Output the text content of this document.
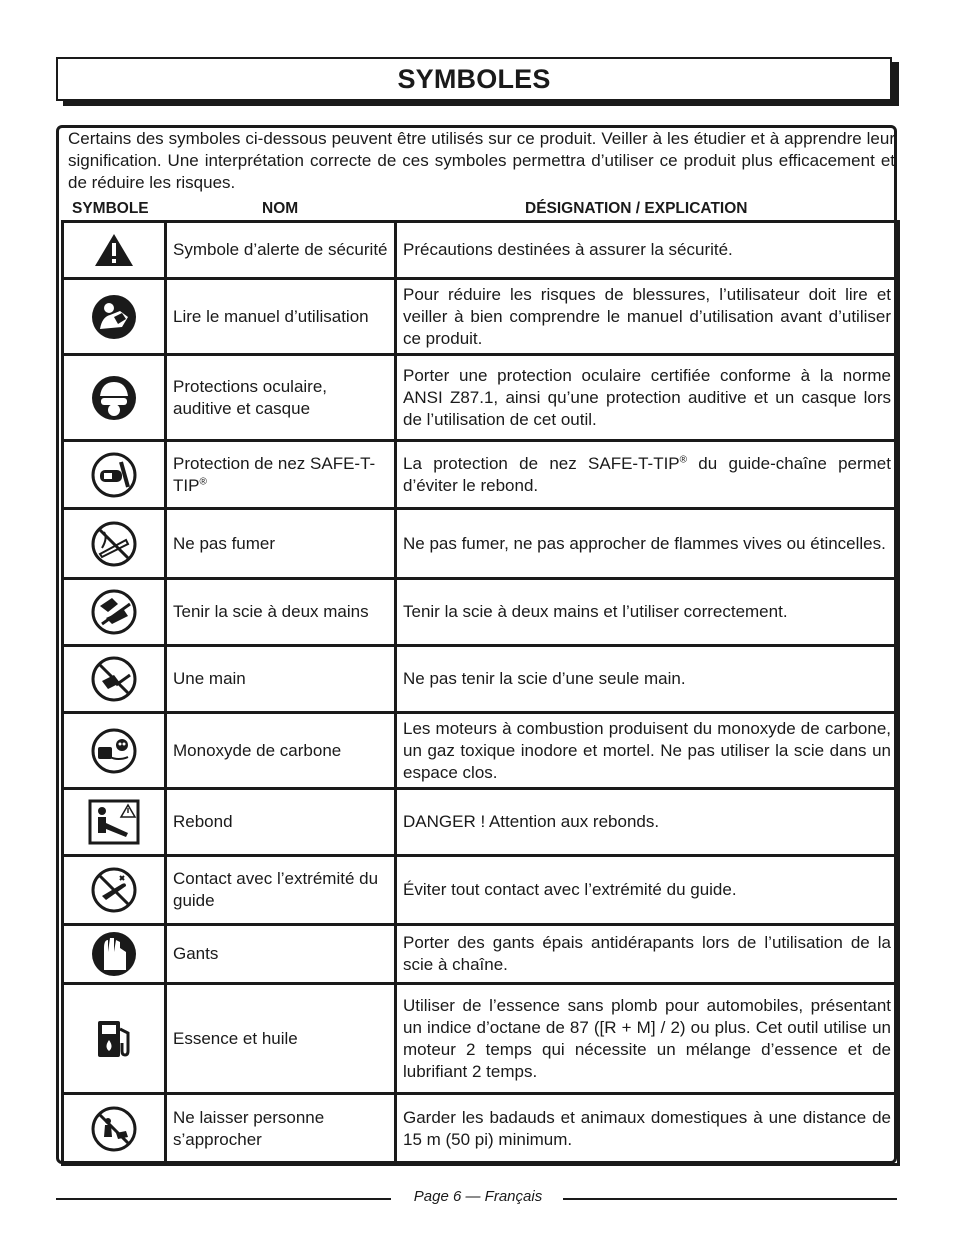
SYMBOLES
Certains des symboles ci-dessous peuvent être utilisés sur ce produit. Veiller à les étudier et à apprendre leur signification. Une interprétation correcte de ces symboles permettra d’utiliser ce produit plus efficacement et de réduire les risques.
SYMBOLE	NOM	DÉSIGNATION / EXPLICATION
	Symbole d’alerte de sécurité	Précautions destinées à assurer la sécurité.

	Lire le manuel d’utilisation	Pour réduire les risques de blessures, l’utilisateur doit lire et veiller à bien comprendre le manuel d’utilisation avant d’utiliser ce produit.

	Protections oculaire, auditive et casque	Porter une protection oculaire certifiée conforme à la norme ANSI Z87.1, ainsi qu’une protection auditive et un casque lors de l’utilisation de cet outil.

	Protection de nez SAFE-T-TIP®	La protection de nez SAFE-T-TIP® du guide-chaîne permet d’éviter le rebond.

	Ne pas fumer	Ne pas fumer, ne pas approcher de flammes vives ou étincelles.

	Tenir la scie à deux mains	Tenir la scie à deux mains et l’utiliser correctement.

	Une main	Ne pas tenir la scie d’une seule main.

	Monoxyde de carbone	Les moteurs à combustion produisent du monoxyde de carbone, un gaz toxique inodore et mortel. Ne pas utiliser la scie dans un espace clos.

	Rebond	DANGER ! Attention aux rebonds.

	Contact avec l’extrémité du guide	Éviter tout contact avec l’extrémité du guide.

	Gants	Porter des gants épais antidérapants lors de l’utilisation de la scie à chaîne.

	Essence et huile	Utiliser de l’essence sans plomb pour automobiles, présentant un indice d’octane de 87 ([R + M] / 2) ou plus. Cet outil utilise un moteur 2 temps qui nécessite un mélange d’essence et de lubrifiant 2 temps.

	Ne laisser personne s’approcher	Garder les badauds et animaux domestiques à une distance de 15 m (50 pi) minimum.
Page 6 — Français
